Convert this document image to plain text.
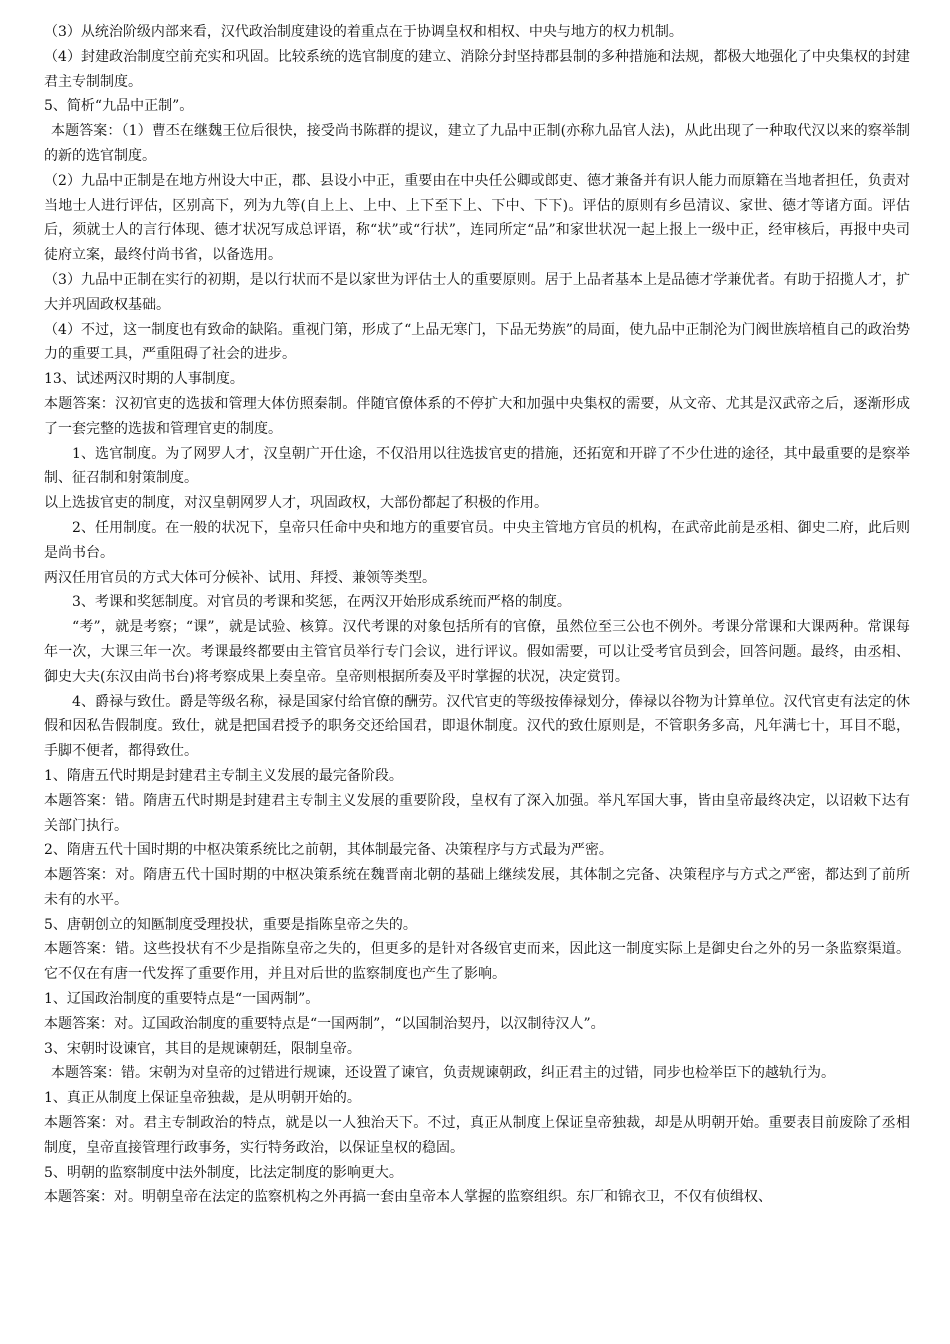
（3）从统治阶级内部来看，汉代政治制度建设的着重点在于协调皇权和相权、中央与地方的权力机制。

（4）封建政治制度空前充实和巩固。比较系统的选官制度的建立、消除分封坚持郡县制的多种措施和法规，都极大地强化了中央集权的封建君主专制制度。

5、简析“九品中正制”。

本题答案：（1）曹丕在继魏王位后很快，接受尚书陈群的提议，建立了九品中正制(亦称九品官人法)，从此出现了一种取代汉以来的察举制的新的选官制度。

（2）九品中正制是在地方州设大中正，郡、县设小中正，重要由在中央任公卿或郎吏、德才兼备并有识人能力而原籍在当地者担任，负责对当地士人进行评估，区别高下，列为九等(自上上、上中、上下至下上、下中、下下)。评估的原则有乡邑清议、家世、德才等诸方面。评估后，须就士人的言行体现、德才状况写成总评语，称“状”或“行状”，连同所定“品”和家世状况一起上报上一级中正，经审核后，再报中央司徒府立案，最终付尚书省，以备选用。

（3）九品中正制在实行的初期，是以行状而不是以家世为评估士人的重要原则。居于上品者基本上是品德才学兼优者。有助于招揽人才，扩大并巩固政权基础。

（4）不过，这一制度也有致命的缺陷。重视门第，形成了“上品无寒门，下品无势族”的局面，使九品中正制沦为门阀世族培植自己的政治势力的重要工具，严重阻碍了社会的进步。

13、试述两汉时期的人事制度。

本题答案：汉初官吏的选拔和管理大体仿照秦制。伴随官僚体系的不停扩大和加强中央集权的需要，从文帝、尤其是汉武帝之后，逐渐形成了一套完整的选拔和管理官吏的制度。

1、选官制度。为了网罗人才，汉皇朝广开仕途，不仅沿用以往选拔官吏的措施，还拓宽和开辟了不少仕进的途径，其中最重要的是察举制、征召制和射策制度。

以上选拔官吏的制度，对汉皇朝网罗人才，巩固政权，大部份都起了积极的作用。

2、任用制度。在一般的状况下，皇帝只任命中央和地方的重要官员。中央主管地方官员的机构，在武帝此前是丞相、御史二府，此后则是尚书台。

两汉任用官员的方式大体可分候补、试用、拜授、兼领等类型。

3、考课和奖惩制度。对官员的考课和奖惩，在两汉开始形成系统而严格的制度。

“考”，就是考察；“课”，就是试验、核算。汉代考课的对象包括所有的官僚，虽然位至三公也不例外。考课分常课和大课两种。常课每年一次，大课三年一次。考课最终都要由主管官员举行专门会议，进行评议。假如需要，可以让受考官员到会，回答问题。最终，由丞相、御史大夫(东汉由尚书台)将考察成果上奏皇帝。皇帝则根据所奏及平时掌握的状况，决定赏罚。

4、爵禄与致仕。爵是等级名称，禄是国家付给官僚的酬劳。汉代官吏的等级按俸禄划分，俸禄以谷物为计算单位。汉代官吏有法定的休假和因私告假制度。致仕，就是把国君授予的职务交还给国君，即退休制度。汉代的致仕原则是，不管职务多高，凡年满七十，耳目不聪，手脚不便者，都得致仕。

1、隋唐五代时期是封建君主专制主义发展的最完备阶段。

本题答案：错。隋唐五代时期是封建君主专制主义发展的重要阶段，皇权有了深入加强。举凡军国大事，皆由皇帝最终决定，以诏敕下达有关部门执行。

2、隋唐五代十国时期的中枢决策系统比之前朝，其体制最完备、决策程序与方式最为严密。

本题答案：对。隋唐五代十国时期的中枢决策系统在魏晋南北朝的基础上继续发展，其体制之完备、决策程序与方式之严密，都达到了前所未有的水平。

5、唐朝创立的知匦制度受理投状，重要是指陈皇帝之失的。

本题答案：错。这些投状有不少是指陈皇帝之失的，但更多的是针对各级官吏而来，因此这一制度实际上是御史台之外的另一条监察渠道。它不仅在有唐一代发挥了重要作用，并且对后世的监察制度也产生了影响。

1、辽国政治制度的重要特点是“一国两制”。

本题答案：对。辽国政治制度的重要特点是“一国两制”，“以国制治契丹，以汉制待汉人”。

3、宋朝时设谏官，其目的是规谏朝廷，限制皇帝。

本题答案：错。宋朝为对皇帝的过错进行规谏，还设置了谏官，负责规谏朝政，纠正君主的过错，同步也检举臣下的越轨行为。

1、真正从制度上保证皇帝独裁，是从明朝开始的。

本题答案：对。君主专制政治的特点，就是以一人独治天下。不过，真正从制度上保证皇帝独裁，却是从明朝开始。重要表目前废除了丞相制度，皇帝直接管理行政事务，实行特务政治，以保证皇权的稳固。

5、明朝的监察制度中法外制度，比法定制度的影响更大。

本题答案：对。明朝皇帝在法定的监察机构之外再搞一套由皇帝本人掌握的监察组织。东厂和锦衣卫，不仅有侦缉权、
